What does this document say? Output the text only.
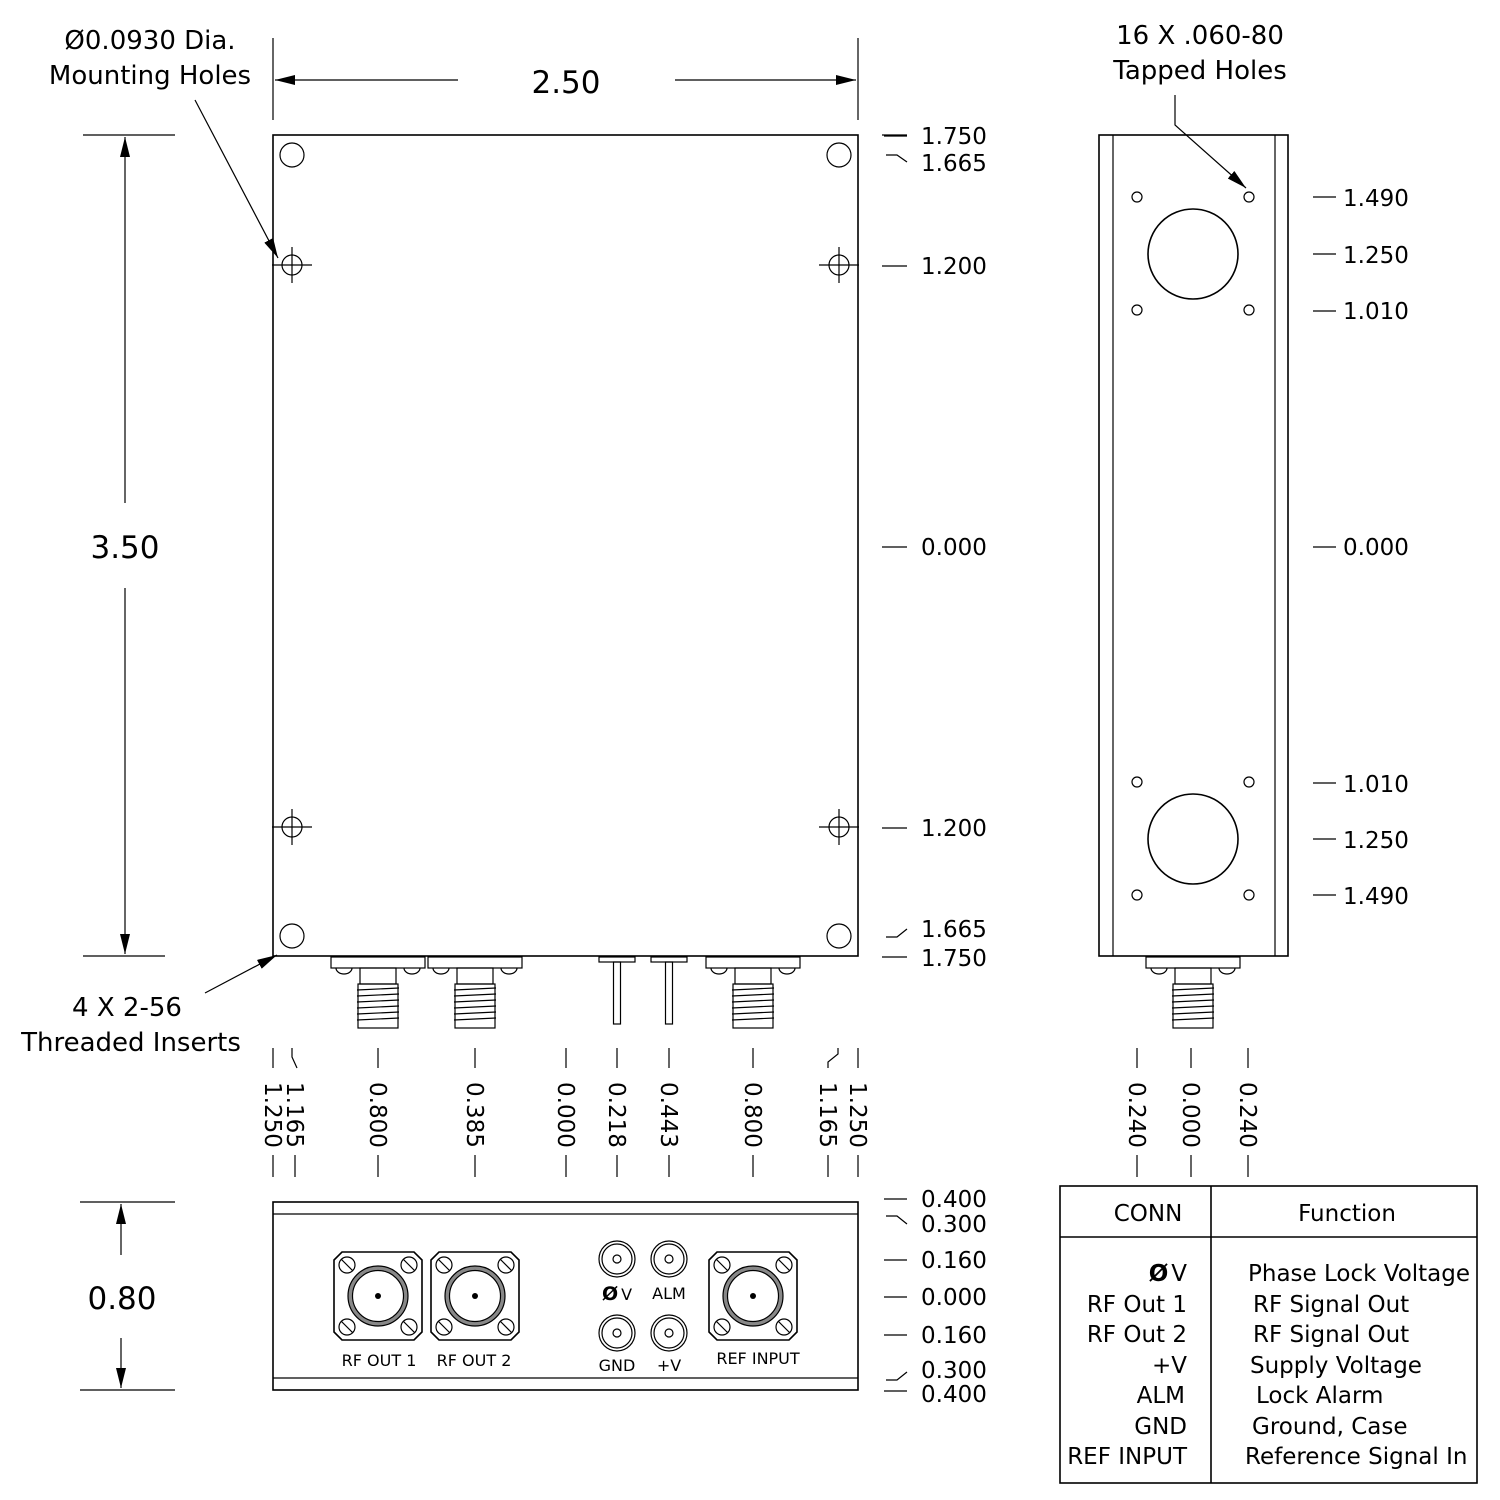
2.50
3.50
Ø0.0930 Dia.
Mounting Holes
4 X 2-56
Threaded Inserts
1.750
1.665
1.200
0.000
1.200
1.665
1.750
1.250
1.165 0.800	0.385	0.000 0.218 0.443	0.800 1.165 1.250
16 X .060-80
Tapped Holes
1.490
1.250
1.010
0.000
1.010
1.250
1.490
0.240 0.000 0.240
0.80
RF OUT 1 RF OUT 2	REF INPUT
Ø V ALM
GND +V
0.400
0.300
0.160
0.000
0.160
0.300
0.400
CONN	Function
Ø V	Phase Lock Voltage
RF Out 1	RF Signal Out
RF Out 2	RF Signal Out
+V	Supply Voltage
ALM	Lock Alarm
GND	Ground, Case
REF INPUT	Reference Signal In
